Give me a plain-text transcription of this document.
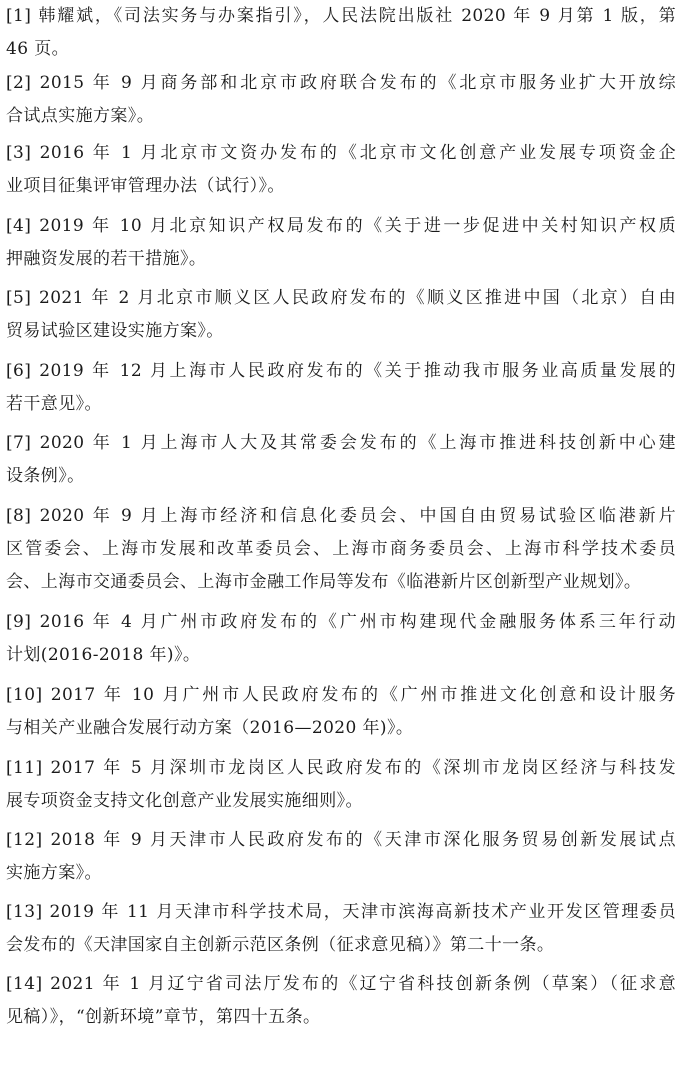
[1] 韩耀斌，《司法实务与办案指引》，人民法院出版社 2020 年 9 月第 1 版，第
46 页。
[2] 2015 年 9 月商务部和北京市政府联合发布的《北京市服务业扩大开放综
合试点实施方案》。
[3] 2016 年 1 月北京市文资办发布的《北京市文化创意产业发展专项资金企
业项目征集评审管理办法（试行）》。
[4] 2019 年 10 月北京知识产权局发布的《关于进一步促进中关村知识产权质
押融资发展的若干措施》。
[5] 2021 年 2 月北京市顺义区人民政府发布的《顺义区推进中国（北京）自由
贸易试验区建设实施方案》。
[6] 2019 年 12 月上海市人民政府发布的《关于推动我市服务业高质量发展的
若干意见》。
[7] 2020 年 1 月上海市人大及其常委会发布的《上海市推进科技创新中心建
设条例》。
[8] 2020 年 9 月上海市经济和信息化委员会、中国自由贸易试验区临港新片
区管委会、上海市发展和改革委员会、上海市商务委员会、上海市科学技术委员
会、上海市交通委员会、上海市金融工作局等发布《临港新片区创新型产业规划》。
[9] 2016 年 4 月广州市政府发布的《广州市构建现代金融服务体系三年行动
计划(2016-2018 年)》。
[10] 2017 年 10 月广州市人民政府发布的《广州市推进文化创意和设计服务
与相关产业融合发展行动方案（2016—2020 年)》。
[11] 2017 年 5 月深圳市龙岗区人民政府发布的《深圳市龙岗区经济与科技发
展专项资金支持文化创意产业发展实施细则》。
[12] 2018 年 9 月天津市人民政府发布的《天津市深化服务贸易创新发展试点
实施方案》。
[13] 2019 年 11 月天津市科学技术局，天津市滨海高新技术产业开发区管理委员
会发布的《天津国家自主创新示范区条例（征求意见稿）》第二十一条。
[14] 2021 年 1 月辽宁省司法厅发布的《辽宁省科技创新条例（草案）（征求意
见稿）》，“创新环境”章节，第四十五条。
